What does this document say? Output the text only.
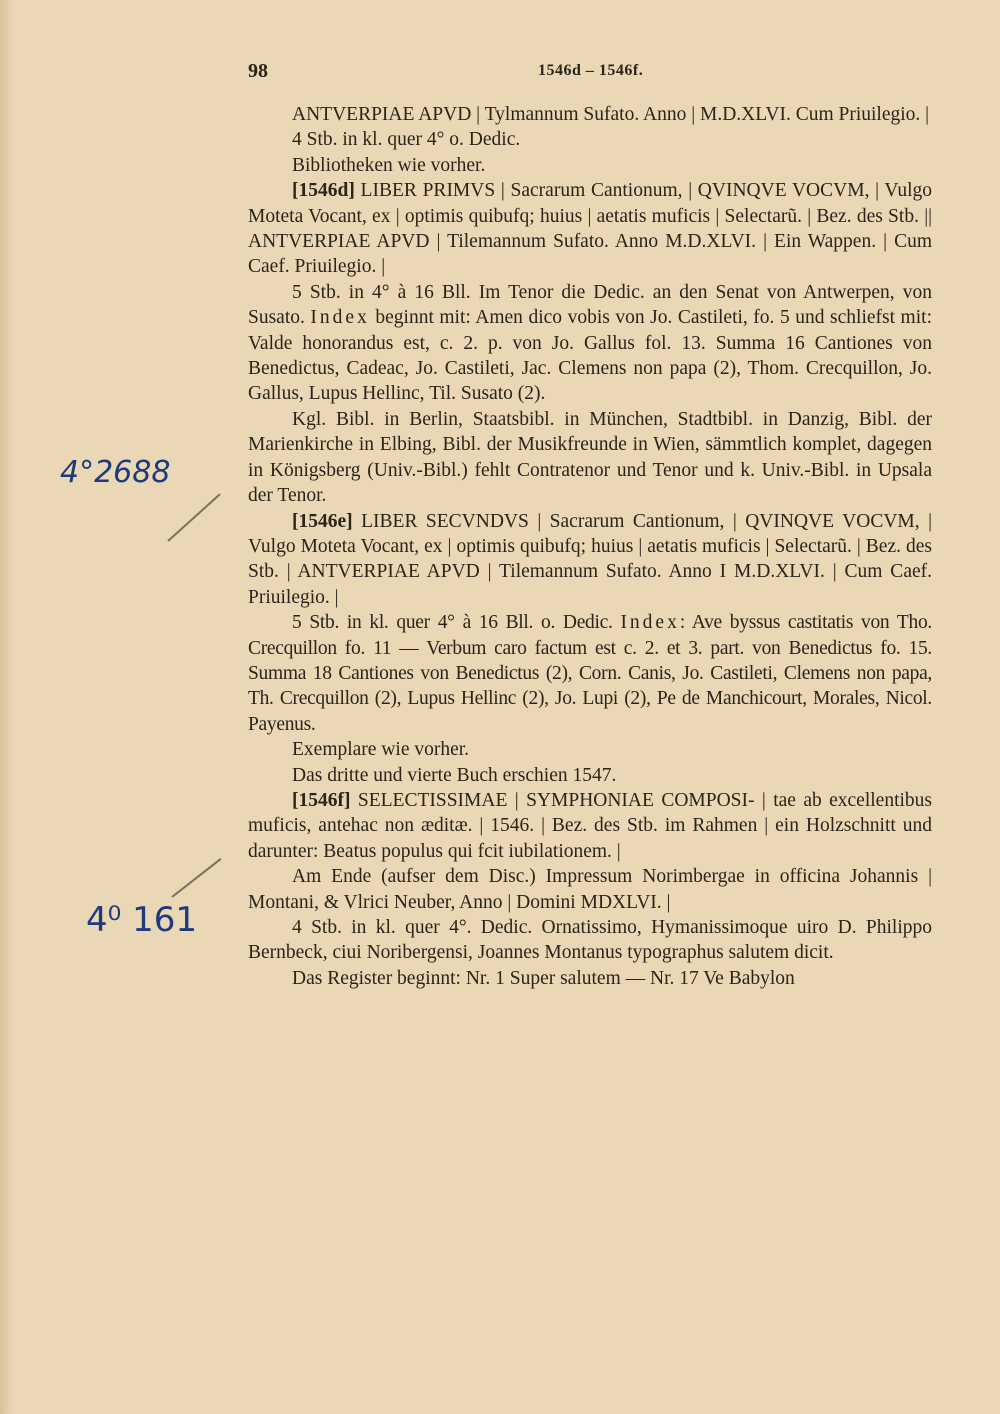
98	1546d – 1546f.
4°2688
4⁰ 161

ANTVERPIAE APVD | Tylmannum Sufato. Anno | M.D.XLVI. Cum Priuilegio. |

4 Stb. in kl. quer 4° o. Dedic.

Bibliotheken wie vorher.

[1546d] LIBER PRIMVS | Sacrarum Cantionum, | QVINQVE VOCVM, | Vulgo Moteta Vocant, ex | optimis quibufq; huius | aetatis muficis | Selectarũ. | Bez. des Stb. || ANTVERPIAE APVD | Tilemannum Sufato. Anno M.D.XLVI. | Ein Wappen. | Cum Caef. Priuilegio. |

5 Stb. in 4° à 16 Bll. Im Tenor die Dedic. an den Senat von Antwerpen, von Susato. Index beginnt mit: Amen dico vobis von Jo. Castileti, fo. 5 und schliefst mit: Valde honorandus est, c. 2. p. von Jo. Gallus fol. 13. Summa 16 Cantiones von Benedictus, Cadeac, Jo. Castileti, Jac. Clemens non papa (2), Thom. Crecquillon, Jo. Gallus, Lupus Hellinc, Til. Susato (2).

Kgl. Bibl. in Berlin, Staatsbibl. in München, Stadtbibl. in Danzig, Bibl. der Marienkirche in Elbing, Bibl. der Musikfreunde in Wien, sämmtlich komplet, dagegen in Königsberg (Univ.-Bibl.) fehlt Contratenor und Tenor und k. Univ.-Bibl. in Upsala der Tenor.

[1546e] LIBER SECVNDVS | Sacrarum Cantionum, | QVINQVE VOCVM, | Vulgo Moteta Vocant, ex | optimis quibufq; huius | aetatis muficis | Selectarũ. | Bez. des Stb. | ANTVERPIAE APVD | Tilemannum Sufato. Anno I M.D.XLVI. | Cum Caef. Priuilegio. |

5 Stb. in kl. quer 4° à 16 Bll. o. Dedic. Index: Ave byssus castitatis von Tho. Crecquillon fo. 11 — Verbum caro factum est c. 2. et 3. part. von Benedictus fo. 15. Summa 18 Cantiones von Benedictus (2), Corn. Canis, Jo. Castileti, Clemens non papa, Th. Crecquillon (2), Lupus Hellinc (2), Jo. Lupi (2), Pe de Manchicourt, Morales, Nicol. Payenus.

Exemplare wie vorher.

Das dritte und vierte Buch erschien 1547.

[1546f] SELECTISSIMAE | SYMPHONIAE COMPOSI- | tae ab excellentibus muficis, antehac non æditæ. | 1546. | Bez. des Stb. im Rahmen | ein Holzschnitt und darunter: Beatus populus qui fcit iubilationem. |

Am Ende (aufser dem Disc.) Impressum Norimbergae in officina Johannis | Montani, & Vlrici Neuber, Anno | Domini MDXLVI. |

4 Stb. in kl. quer 4°. Dedic. Ornatissimo, Hymanissimoque uiro D. Philippo Bernbeck, ciui Noribergensi, Joannes Montanus typographus salutem dicit.

Das Register beginnt: Nr. 1 Super salutem — Nr. 17 Ve Babylon
